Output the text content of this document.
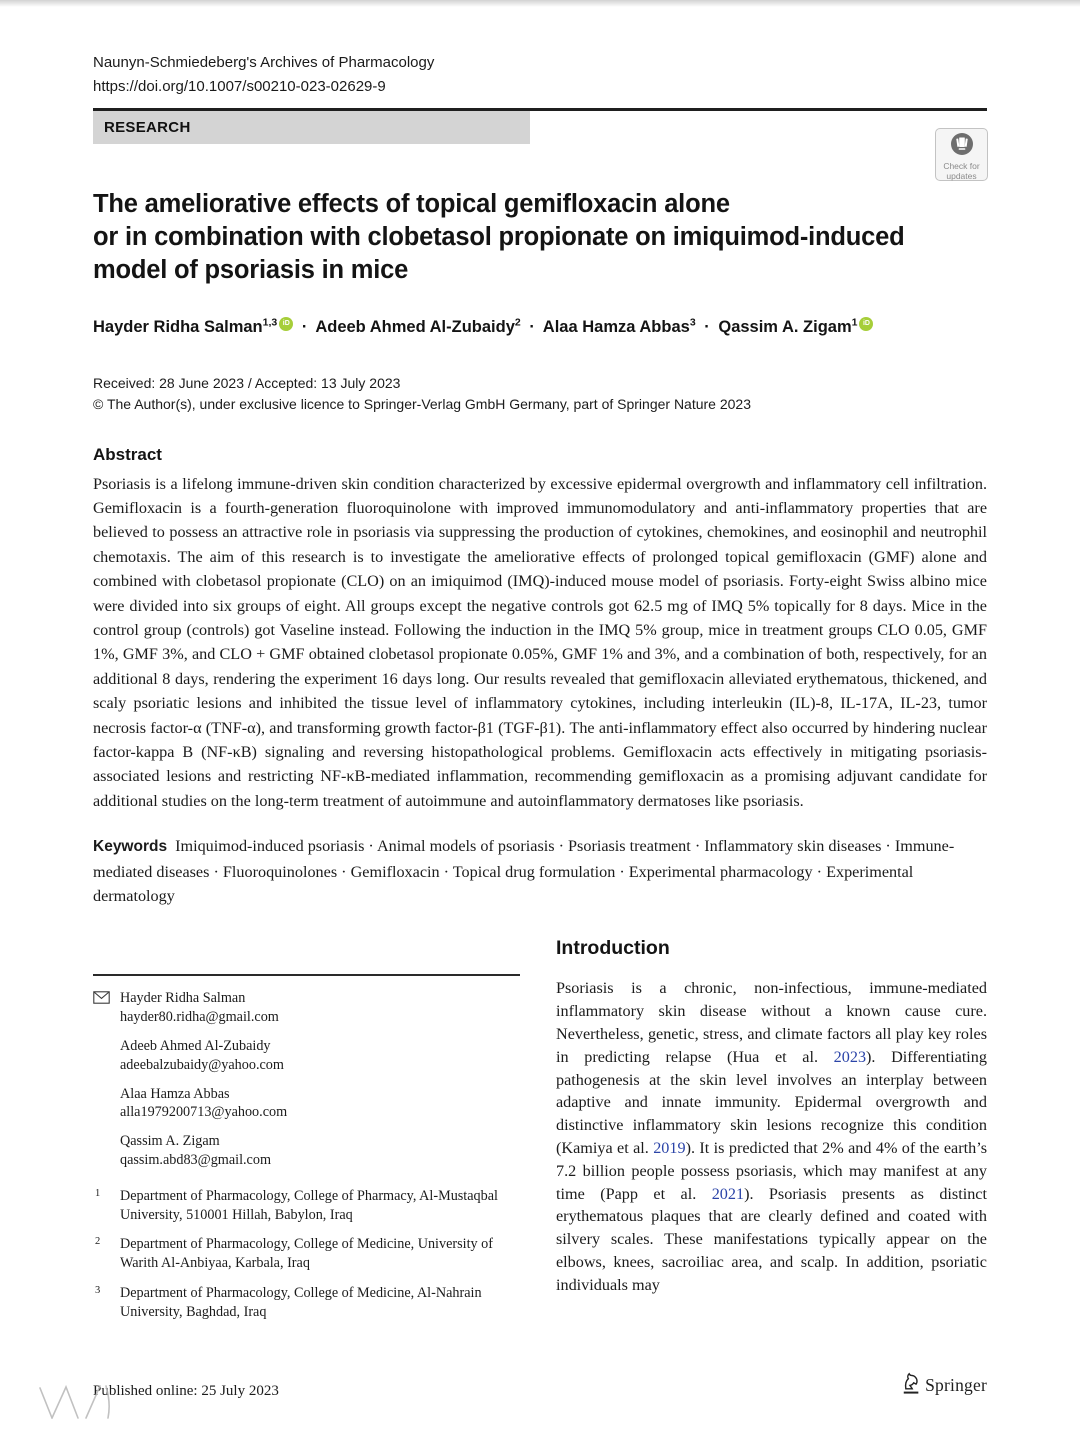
Naunyn-Schmiedeberg's Archives of Pharmacology
https://doi.org/10.1007/s00210-023-02629-9
RESEARCH
Check for
updates
The ameliorative effects of topical gemifloxacin alone
or in combination with clobetasol propionate on imiquimod-induced
model of psoriasis in mice
Hayder Ridha Salman$^{1,3}$ iD · Adeeb Ahmed Al-Zubaidy$^2$ · Alaa Hamza Abbas$^3$ · Qassim A. Zigam$^1$ iD
Received: 28 June 2023 / Accepted: 13 July 2023
© The Author(s), under exclusive licence to Springer-Verlag GmbH Germany, part of Springer Nature 2023
Abstract

Psoriasis is a lifelong immune-driven skin condition characterized by excessive epidermal overgrowth and inflammatory cell infiltration. Gemifloxacin is a fourth-generation fluoroquinolone with improved immunomodulatory and anti-inflammatory properties that are believed to possess an attractive role in psoriasis via suppressing the production of cytokines, chemokines, and eosinophil and neutrophil chemotaxis. The aim of this research is to investigate the ameliorative effects of prolonged topical gemifloxacin (GMF) alone and combined with clobetasol propionate (CLO) on an imiquimod (IMQ)-induced mouse model of psoriasis. Forty-eight Swiss albino mice were divided into six groups of eight. All groups except the negative controls got 62.5 mg of IMQ 5% topically for 8 days. Mice in the control group (controls) got Vaseline instead. Following the induction in the IMQ 5% group, mice in treatment groups CLO 0.05, GMF 1%, GMF 3%, and CLO + GMF obtained clobetasol propionate 0.05%, GMF 1% and 3%, and a combination of both, respectively, for an additional 8 days, rendering the experiment 16 days long. Our results revealed that gemifloxacin alleviated erythematous, thickened, and scaly psoriatic lesions and inhibited the tissue level of inflammatory cytokines, including interleukin (IL)-8, IL-17A, IL-23, tumor necrosis factor-α (TNF-α), and transforming growth factor-β1 (TGF-β1). The anti-inflammatory effect also occurred by hindering nuclear factor-kappa B (NF-κB) signaling and reversing histopathological problems. Gemifloxacin acts effectively in mitigating psoriasis-associated lesions and restricting NF-κB-mediated inflammation, recommending gemifloxacin as a promising adjuvant candidate for additional studies on the long-term treatment of autoimmune and autoinflammatory dermatoses like psoriasis.

Keywords Imiquimod-induced psoriasis · Animal models of psoriasis · Psoriasis treatment · Inflammatory skin diseases · Immune-mediated diseases · Fluoroquinolones · Gemifloxacin · Topical drug formulation · Experimental pharmacology · Experimental dermatology

Hayder Ridha Salman
hayder80.ridha@gmail.com
Adeeb Ahmed Al-Zubaidy
adeebalzubaidy@yahoo.com
Alaa Hamza Abbas
alla1979200713@yahoo.com
Qassim A. Zigam
qassim.abd83@gmail.com
1 Department of Pharmacology, College of Pharmacy, Al-Mustaqbal University, 510001 Hillah, Babylon, Iraq
2 Department of Pharmacology, College of Medicine, University of Warith Al-Anbiyaa, Karbala, Iraq
3 Department of Pharmacology, College of Medicine, Al-Nahrain University, Baghdad, Iraq
Introduction

Psoriasis is a chronic, non-infectious, immune-mediated inflammatory skin disease without a known cause cure. Nevertheless, genetic, stress, and climate factors all play key roles in predicting relapse (Hua et al. 2023). Differentiating pathogenesis at the skin level involves an interplay between adaptive and innate immunity. Epidermal overgrowth and distinctive inflammatory skin lesions recognize this condition (Kamiya et al. 2019). It is predicted that 2% and 4% of the earth’s 7.2 billion people possess psoriasis, which may manifest at any time (Papp et al. 2021). Psoriasis presents as distinct erythematous plaques that are clearly defined and coated with silvery scales. These manifestations typically appear on the elbows, knees, sacroiliac area, and scalp. In addition, psoriatic individuals may

Published online: 25 July 2023	Springer
